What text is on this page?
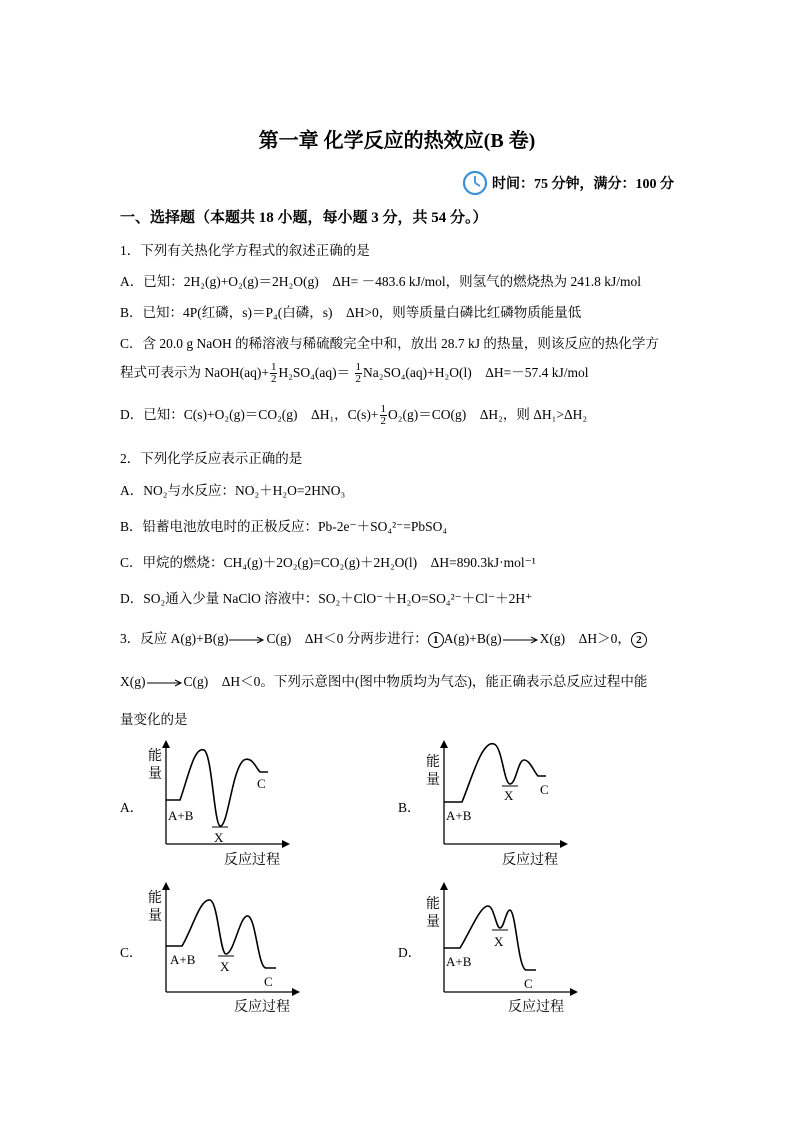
第一章 化学反应的热效应(B 卷)
时间：75 分钟，满分：100 分
一、选择题（本题共 18 小题，每小题 3 分，共 54 分。）
1．下列有关热化学方程式的叙述正确的是
A．已知：2H₂(g)+O₂(g)＝2H₂O(g)　ΔH= －483.6 kJ/mol，则氢气的燃烧热为 241.8 kJ/mol
B．已知：4P(红磷，s)＝P₄(白磷，s)　ΔH>0，则等质量白磷比红磷物质能量低
C．含 20.0 g NaOH 的稀溶液与稀硫酸完全中和，放出 28.7 kJ 的热量，则该反应的热化学方
程式可表示为 NaOH(aq)+ $\frac{1}{2} H_2SO_4(aq)= \frac{1}{2} Na_2SO_4(aq)+H_2O(l)$　ΔH=－57.4 kJ/mol
D．已知：C(s)+O₂(g)＝CO₂(g)　ΔH₁，$C(s)+ \frac{1}{2} O_2(g)=CO(g)$　ΔH₂，则 ΔH₁>ΔH₂
2．下列化学反应表示正确的是
A．NO₂与水反应：NO₂＋H₂O=2HNO₃
B．铅蓄电池放电时的正极反应：Pb-2e⁻＋SO₄²⁻=PbSO₄
C．甲烷的燃烧：CH₄(g)＋2O₂(g)=CO₂(g)＋2H₂O(l)　ΔH=890.3kJ·mol⁻¹
D．SO₂通入少量 NaClO 溶液中：SO₂＋ClO⁻＋H₂O=SO₄²⁻＋Cl⁻＋2H⁺
3．反应 A(g)+B(g)	C(g)　ΔH＜0 分两步进行： 1 A(g)+B(g)	X(g)　ΔH＞0， 2
X(g)	C(g)　ΔH＜0。下列示意图中(图中物质均为气态)，能正确表示总反应过程中能
量变化的是
A．
能
量
A+B
X
C
反应过程
B．
能
量
A+B
X C
反应过程
C．
能
量
A+B X
C
反应过程
D．
能
量
A+B
X
C
反应过程
